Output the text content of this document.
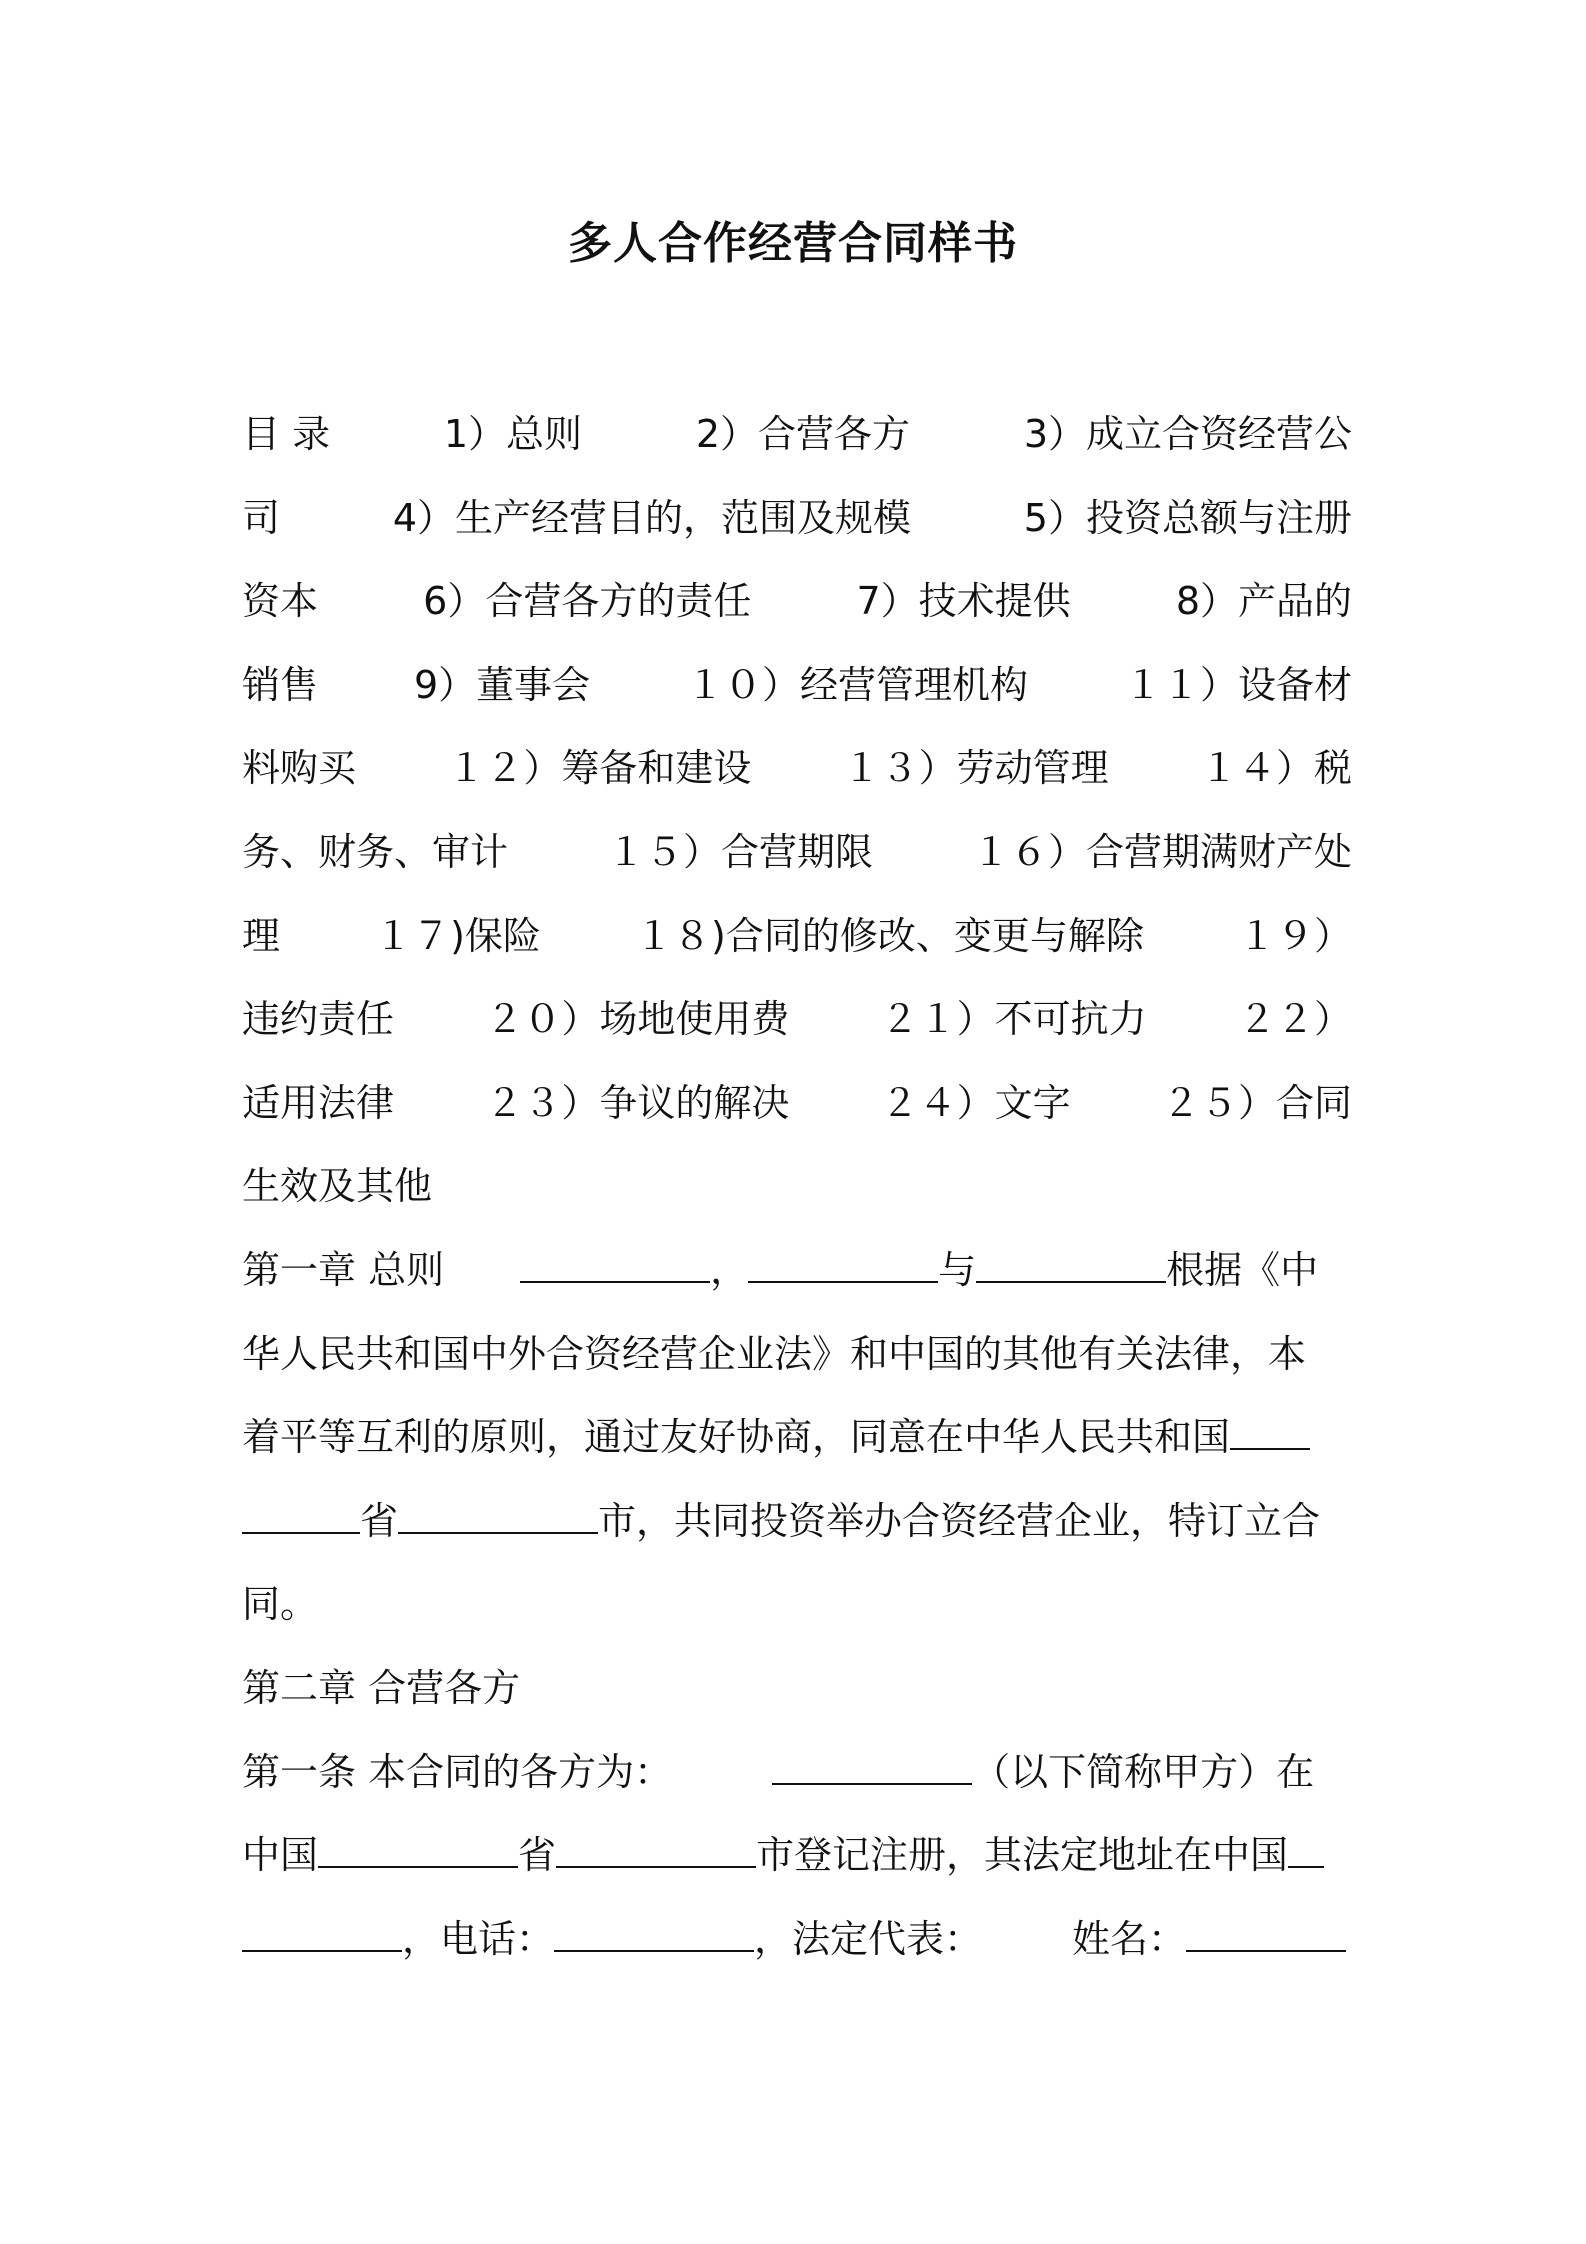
多人合作经营合同样书
目 录	1）总则	2）合营各方	3）成立合资经营公
司	4）生产经营目的，范围及规模	5）投资总额与注册
资本	6）合营各方的责任	7）技术提供	8）产品的
销售	9）董事会	１０）经营管理机构	１１）设备材
料购买 １２）筹备和建设 １３）劳动管理 １４）税
务、财务、审计	１５）合营期限	１６）合营期满财产处
理 １７)保险 １８)合同的修改、变更与解除 １９）
违约责任 ２０）场地使用费 ２１）不可抗力 ２２）
适用法律 ２３）争议的解决 ２４）文字 ２５）合同
生效及其他
第一章 总则	，	与	根据《中
华人民共和国中外合资经营企业法》和中国的其他有关法律，本
着平等互利的原则，通过友好协商，同意在中华人民共和国
省	市，共同投资举办合资经营企业，特订立合
同。
第二章 合营各方
第一条 本合同的各方为：	（以下简称甲方）在
中国	省	市登记注册，其法定地址在中国
，电话：	，法定代表： 姓名：
